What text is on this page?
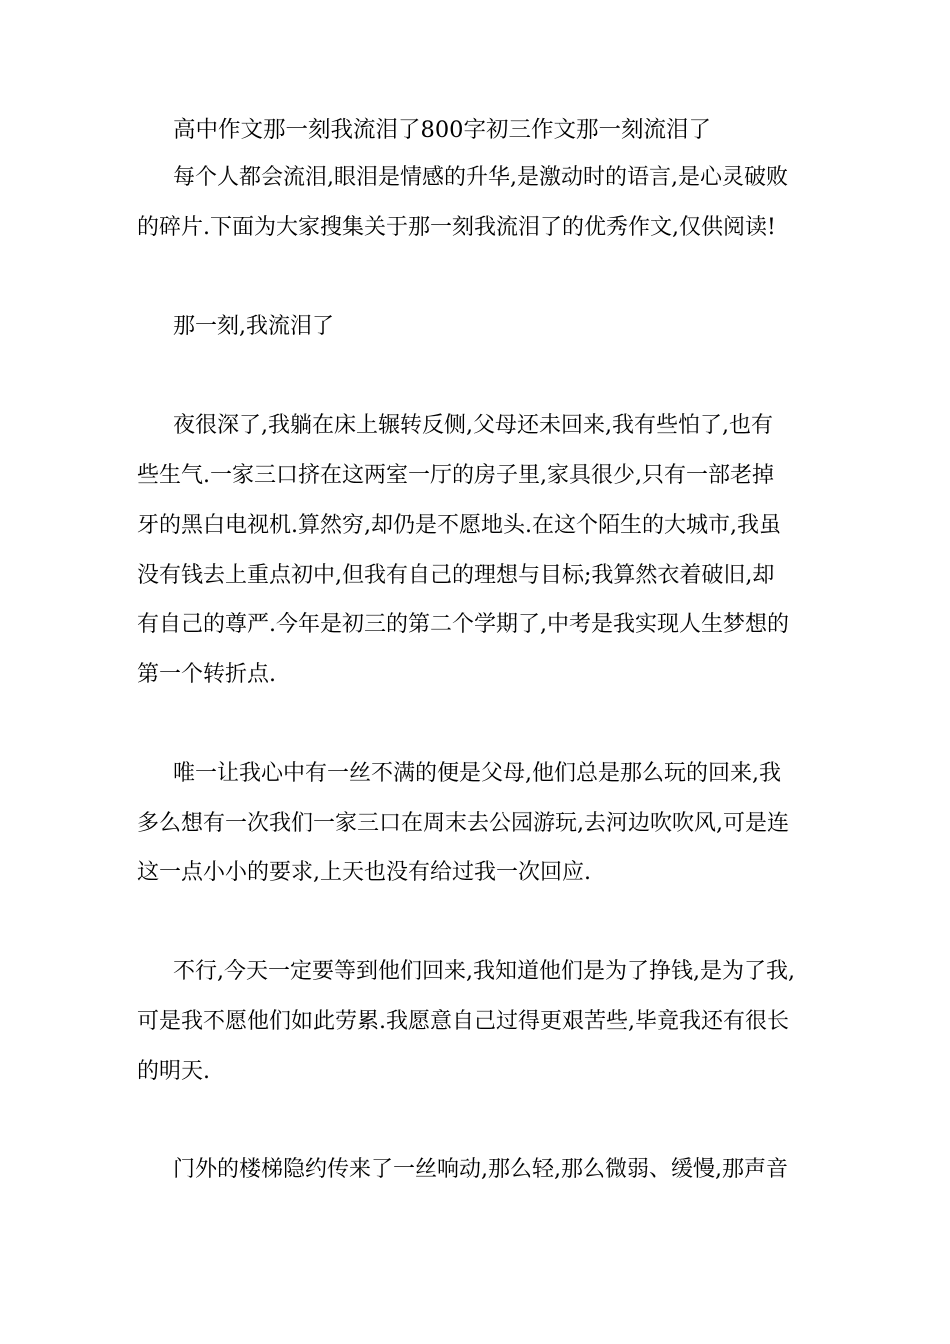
高中作文那一刻我流泪了800字初三作文那一刻流泪了
每个人都会流泪,眼泪是情感的升华,是激动时的语言,是心灵破败
的碎片.下面为大家搜集关于那一刻我流泪了的优秀作文,仅供阅读!
那一刻,我流泪了
夜很深了,我躺在床上辗转反侧,父母还未回来,我有些怕了,也有
些生气.一家三口挤在这两室一厅的房子里,家具很少,只有一部老掉
牙的黑白电视机.算然穷,却仍是不愿地头.在这个陌生的大城市,我虽
没有钱去上重点初中,但我有自己的理想与目标;我算然衣着破旧,却
有自己的尊严.今年是初三的第二个学期了,中考是我实现人生梦想的
第一个转折点.
唯一让我心中有一丝不满的便是父母,他们总是那么玩的回来,我
多么想有一次我们一家三口在周末去公园游玩,去河边吹吹风,可是连
这一点小小的要求,上天也没有给过我一次回应.
不行,今天一定要等到他们回来,我知道他们是为了挣钱,是为了我,
可是我不愿他们如此劳累.我愿意自己过得更艰苦些,毕竟我还有很长
的明天.
门外的楼梯隐约传来了一丝响动,那么轻,那么微弱、缓慢,那声音
